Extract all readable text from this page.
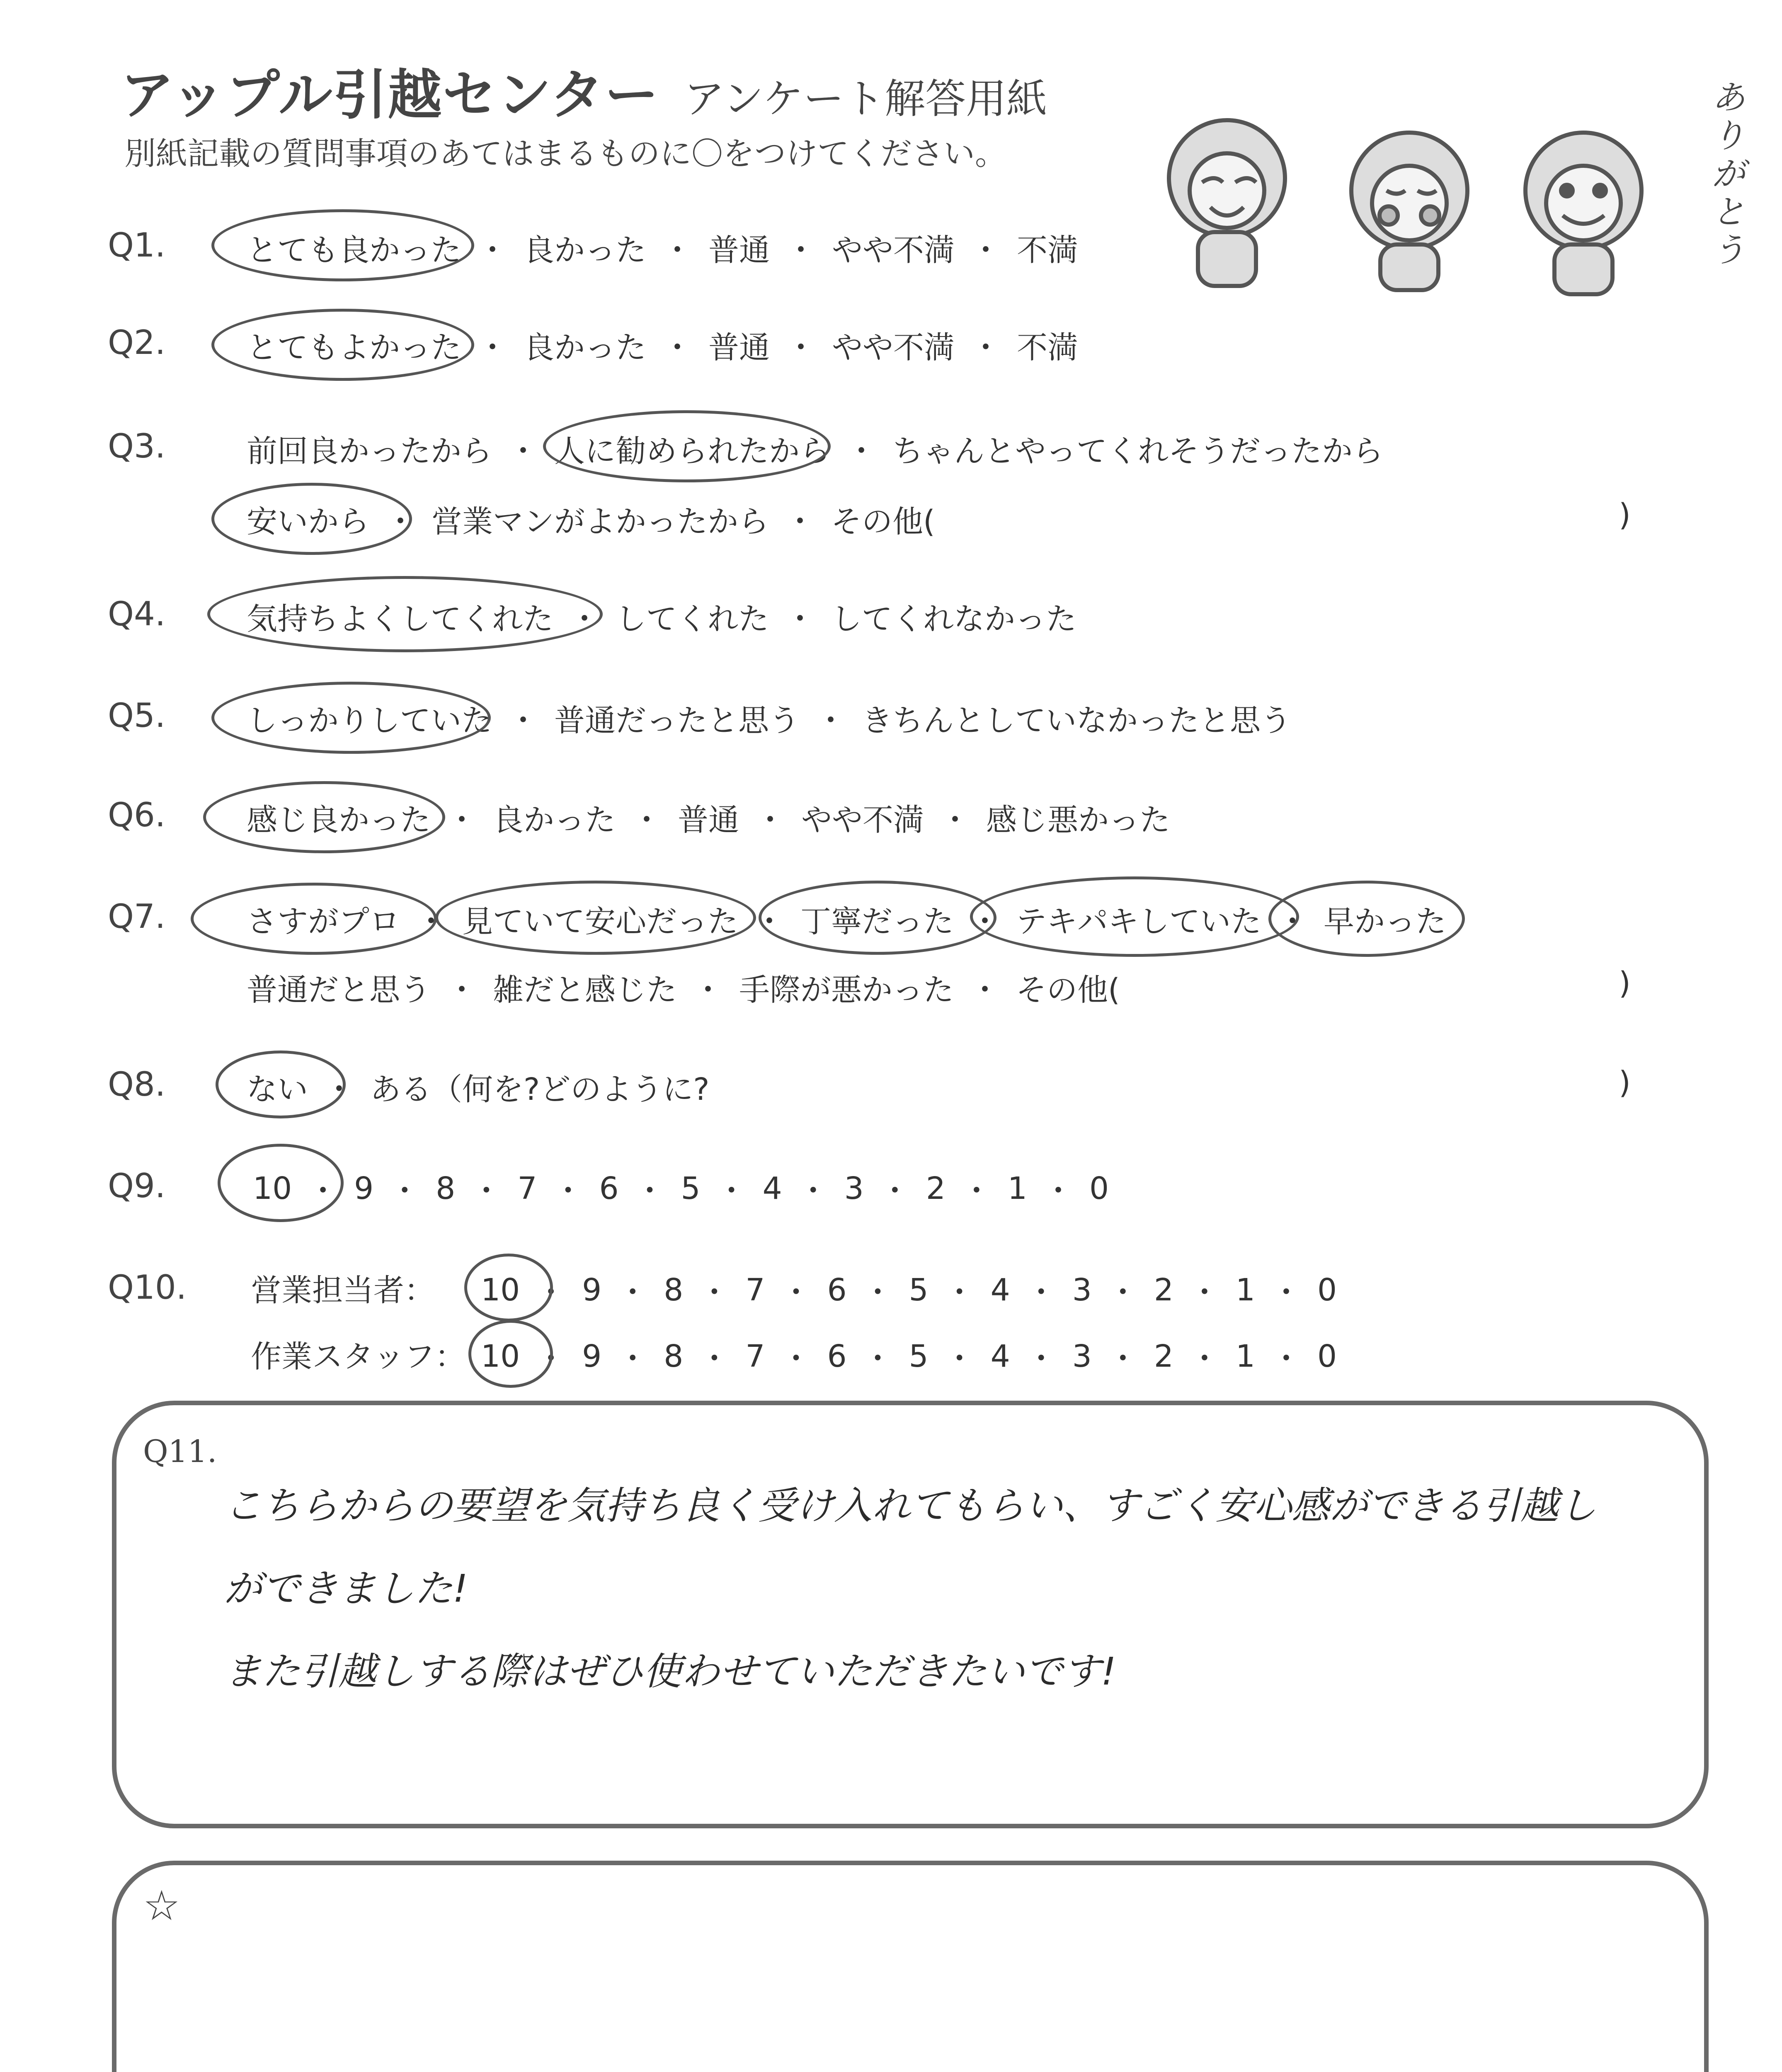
アップル引越センター アンケート解答用紙
別紙記載の質問事項のあてはまるものに〇をつけてください。
ありがとう
Q1.	とても良かった ・ 良かった ・ 普通 ・ やや不満 ・ 不満
Q2.	とてもよかった ・ 良かった ・ 普通 ・ やや不満 ・ 不満
Q3.	前回良かったから ・ 人に勧められたから ・ ちゃんとやってくれそうだったから
安いから ・ 営業マンがよかったから ・ その他(	)
Q4.	気持ちよくしてくれた ・ してくれた ・ してくれなかった
Q5.	しっかりしていた ・ 普通だったと思う ・ きちんとしていなかったと思う
Q6.	感じ良かった ・ 良かった ・ 普通 ・ やや不満 ・ 感じ悪かった
Q7.	さすがプロ ・ 見ていて安心だった ・ 丁寧だった ・ テキパキしていた ・ 早かった
普通だと思う ・ 雑だと感じた ・ 手際が悪かった ・ その他(	)
Q8.	ない ・ ある（何を?どのように?	)
Q9.	10 ・ 9 ・ 8 ・ 7 ・ 6 ・ 5 ・ 4 ・ 3 ・ 2 ・ 1 ・ 0
Q10. 営業担当者： 10 ・ 9 ・ 8 ・ 7 ・ 6 ・ 5 ・ 4 ・ 3 ・ 2 ・ 1 ・ 0
作業スタッフ： 10 ・ 9 ・ 8 ・ 7 ・ 6 ・ 5 ・ 4 ・ 3 ・ 2 ・ 1 ・ 0
Q11.
こちらからの要望を気持ち良く受け入れてもらい、すごく安心感ができる引越し
ができました!
また引越しする際はぜひ使わせていただきたいです!
☆
